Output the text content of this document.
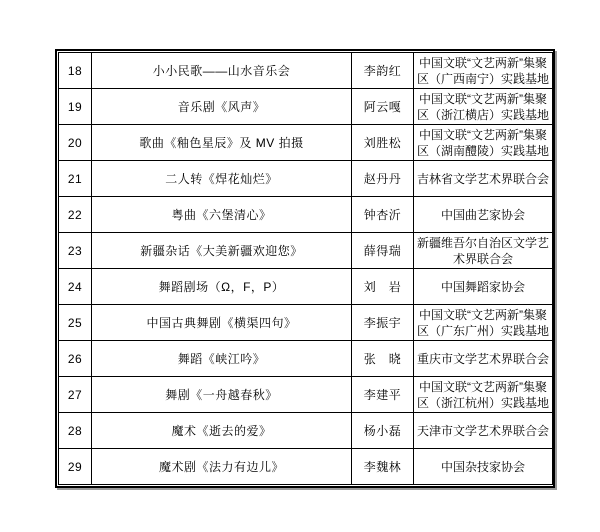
18	小小民歌——山水音乐会	李韵红	中国文联“文艺两新”集聚区（广西南宁）实践基地
19	音乐剧《风声》	阿云嘎	中国文联“文艺两新”集聚区（浙江横店）实践基地
20	歌曲《釉色星辰》及 MV 拍摄	刘胜松	中国文联“文艺两新”集聚区（湖南醴陵）实践基地
21	二人转《焊花灿烂》	赵丹丹	吉林省文学艺术界联合会
22	粤曲《六堡清心》	钟杏沂	中国曲艺家协会
23	新疆杂话《大美新疆欢迎您》	薛得瑞	新疆维吾尔自治区文学艺术界联合会
24	舞蹈剧场（Ω，F，P）	刘　岩	中国舞蹈家协会
25	中国古典舞剧《横渠四句》	李振宇	中国文联“文艺两新”集聚区（广东广州）实践基地
26	舞蹈《峡江吟》	张　晓	重庆市文学艺术界联合会
27	舞剧《一舟越春秋》	李建平	中国文联“文艺两新”集聚区（浙江杭州）实践基地
28	魔术《逝去的爱》	杨小磊	天津市文学艺术界联合会
29	魔术剧《法力有边儿》	李魏林	中国杂技家协会
